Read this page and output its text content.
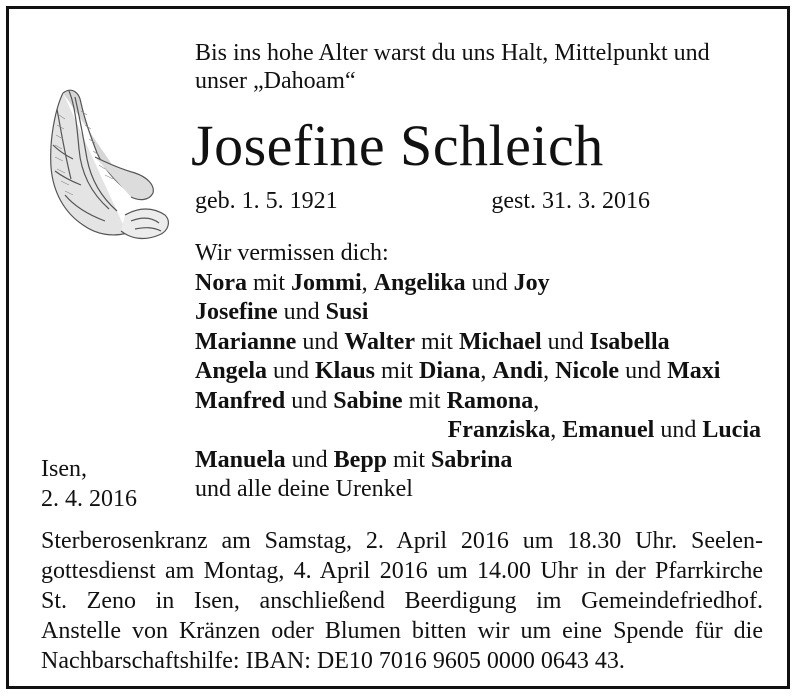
Bis ins hohe Alter warst du uns Halt, Mittelpunkt und
unser „Dahoam“
Josefine Schleich
geb. 1. 5. 1921	gest. 31. 3. 2016
Wir vermissen dich:
Nora mit Jommi, Angelika und Joy
Josefine und Susi
Marianne und Walter mit Michael und Isabella
Angela und Klaus mit Diana, Andi, Nicole und Maxi
Manfred und Sabine mit Ramona,
Franziska, Emanuel und Lucia
Manuela und Bepp mit Sabrina
und alle deine Urenkel
Isen,
2. 4. 2016
Sterberosenkranz am Samstag, 2. April 2016 um 18.30 Uhr. Seelen-
gottesdienst am Montag, 4. April 2016 um 14.00 Uhr in der Pfarrkirche
St. Zeno in Isen, anschließend Beerdigung im Gemeindefriedhof.
Anstelle von Kränzen oder Blumen bitten wir um eine Spende für die
Nachbarschaftshilfe: IBAN: DE10 7016 9605 0000 0643 43.
